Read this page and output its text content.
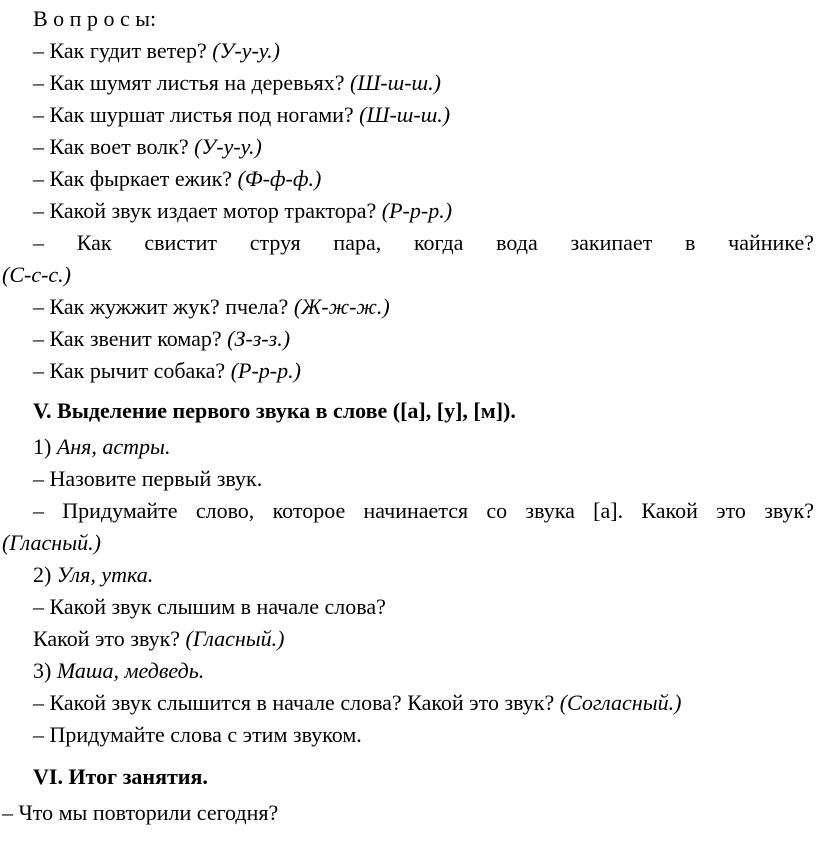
В о п р о с ы:
– Как гудит ветер? (У-у-у.)
– Как шумят листья на деревьях? (Ш-ш-ш.)
– Как шуршат листья под ногами? (Ш-ш-ш.)
– Как воет волк? (У-у-у.)
– Как фыркает ежик? (Ф-ф-ф.)
– Какой звук издает мотор трактора? (Р-р-р.)
– Как свистит струя пара, когда вода закипает в чайнике?
(С-с-с.)
– Как жужжит жук? пчела? (Ж-ж-ж.)
– Как звенит комар? (З-з-з.)
– Как рычит собака? (Р-р-р.)
V. Выделение первого звука в слове ([а], [у], [м]).
1) Аня, астры.
– Назовите первый звук.
– Придумайте слово, которое начинается со звука [а]. Какой это звук?
(Гласный.)
2) Уля, утка.
– Какой звук слышим в начале слова?
Какой это звук? (Гласный.)
3) Маша, медведь.
– Какой звук слышится в начале слова? Какой это звук? (Согласный.)
– Придумайте слова с этим звуком.
VI. Итог занятия.
– Что мы повторили сегодня?
